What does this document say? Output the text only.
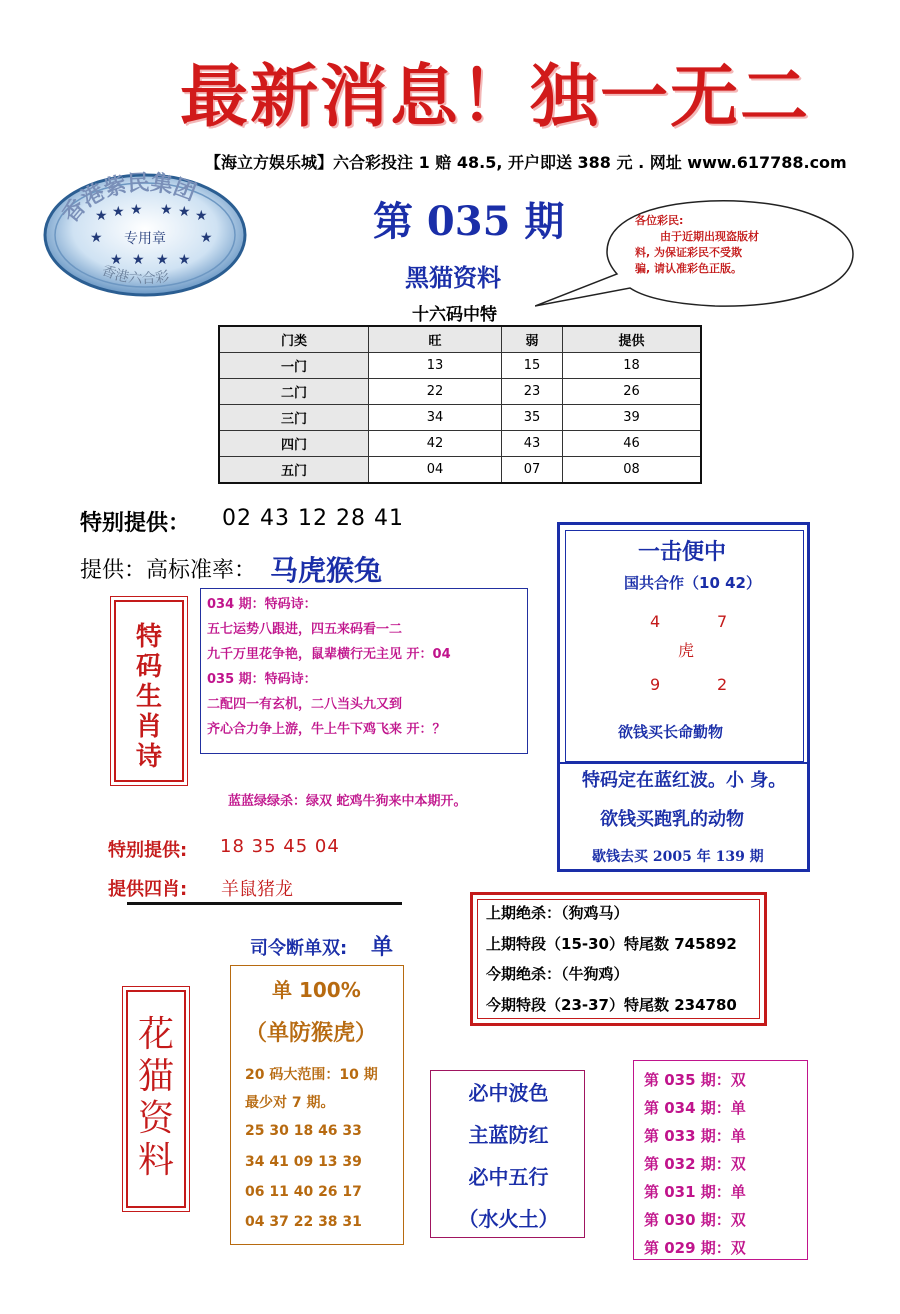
最新消息！独一无二
【海立方娱乐城】六合彩投注 1 赔 48.5, 开户即送 388 元 . 网址 www.617788.com
第 035 期
香港紫民集团
★ ★ ★ ★ ★ ★
★	★
★ ★ ★ ★
专用章
香港六合彩
各位彩民:
由于近期出现盗版材
料, 为保证彩民不受欺
骗, 请认准彩色正版。
黑猫资料
十六码中特
门类	旺	弱	提供
一门	13	15	18
二门	22	23	26
三门	34	35	39
四门	42	43	46
五门	04	07	08
特别提供： 02 43 12 28 41
提供：高标准率： 马虎猴兔
特码生肖诗
034 期：特码诗：
五七运势八跟进，四五来码看一二
九千万里花争艳，鼠辈横行无主见 开：04
035 期：特码诗：
二配四一有玄机，二八当头九又到
齐心合力争上游，牛上牛下鸡飞来 开：？
蓝蓝绿绿杀：绿双 蛇鸡牛狗来中本期开。
一击便中
国共合作（10 42）
4	7
虎
9	2
欲钱买长命勤物
特码定在蓝红波。小 身。
欲钱买跑乳的动物
歇钱去买 2005 年 139 期
特别提供: 18 35 45 04
提供四肖: 羊鼠猪龙
上期绝杀：（狗鸡马）
上期特段（15-30）特尾数 745892
今期绝杀：（牛狗鸡）
今期特段（23-37）特尾数 234780
司令断单双: 单
花猫资料
单 100%
（单防猴虎）
20 码大范围：10 期
最少对 7 期。
25 30 18 46 33
34 41 09 13 39
06 11 40 26 17
04 37 22 38 31
必中波色
主蓝防红
必中五行
（水火土）
第 035 期：双
第 034 期：单
第 033 期：单
第 032 期：双
第 031 期：单
第 030 期：双
第 029 期：双
